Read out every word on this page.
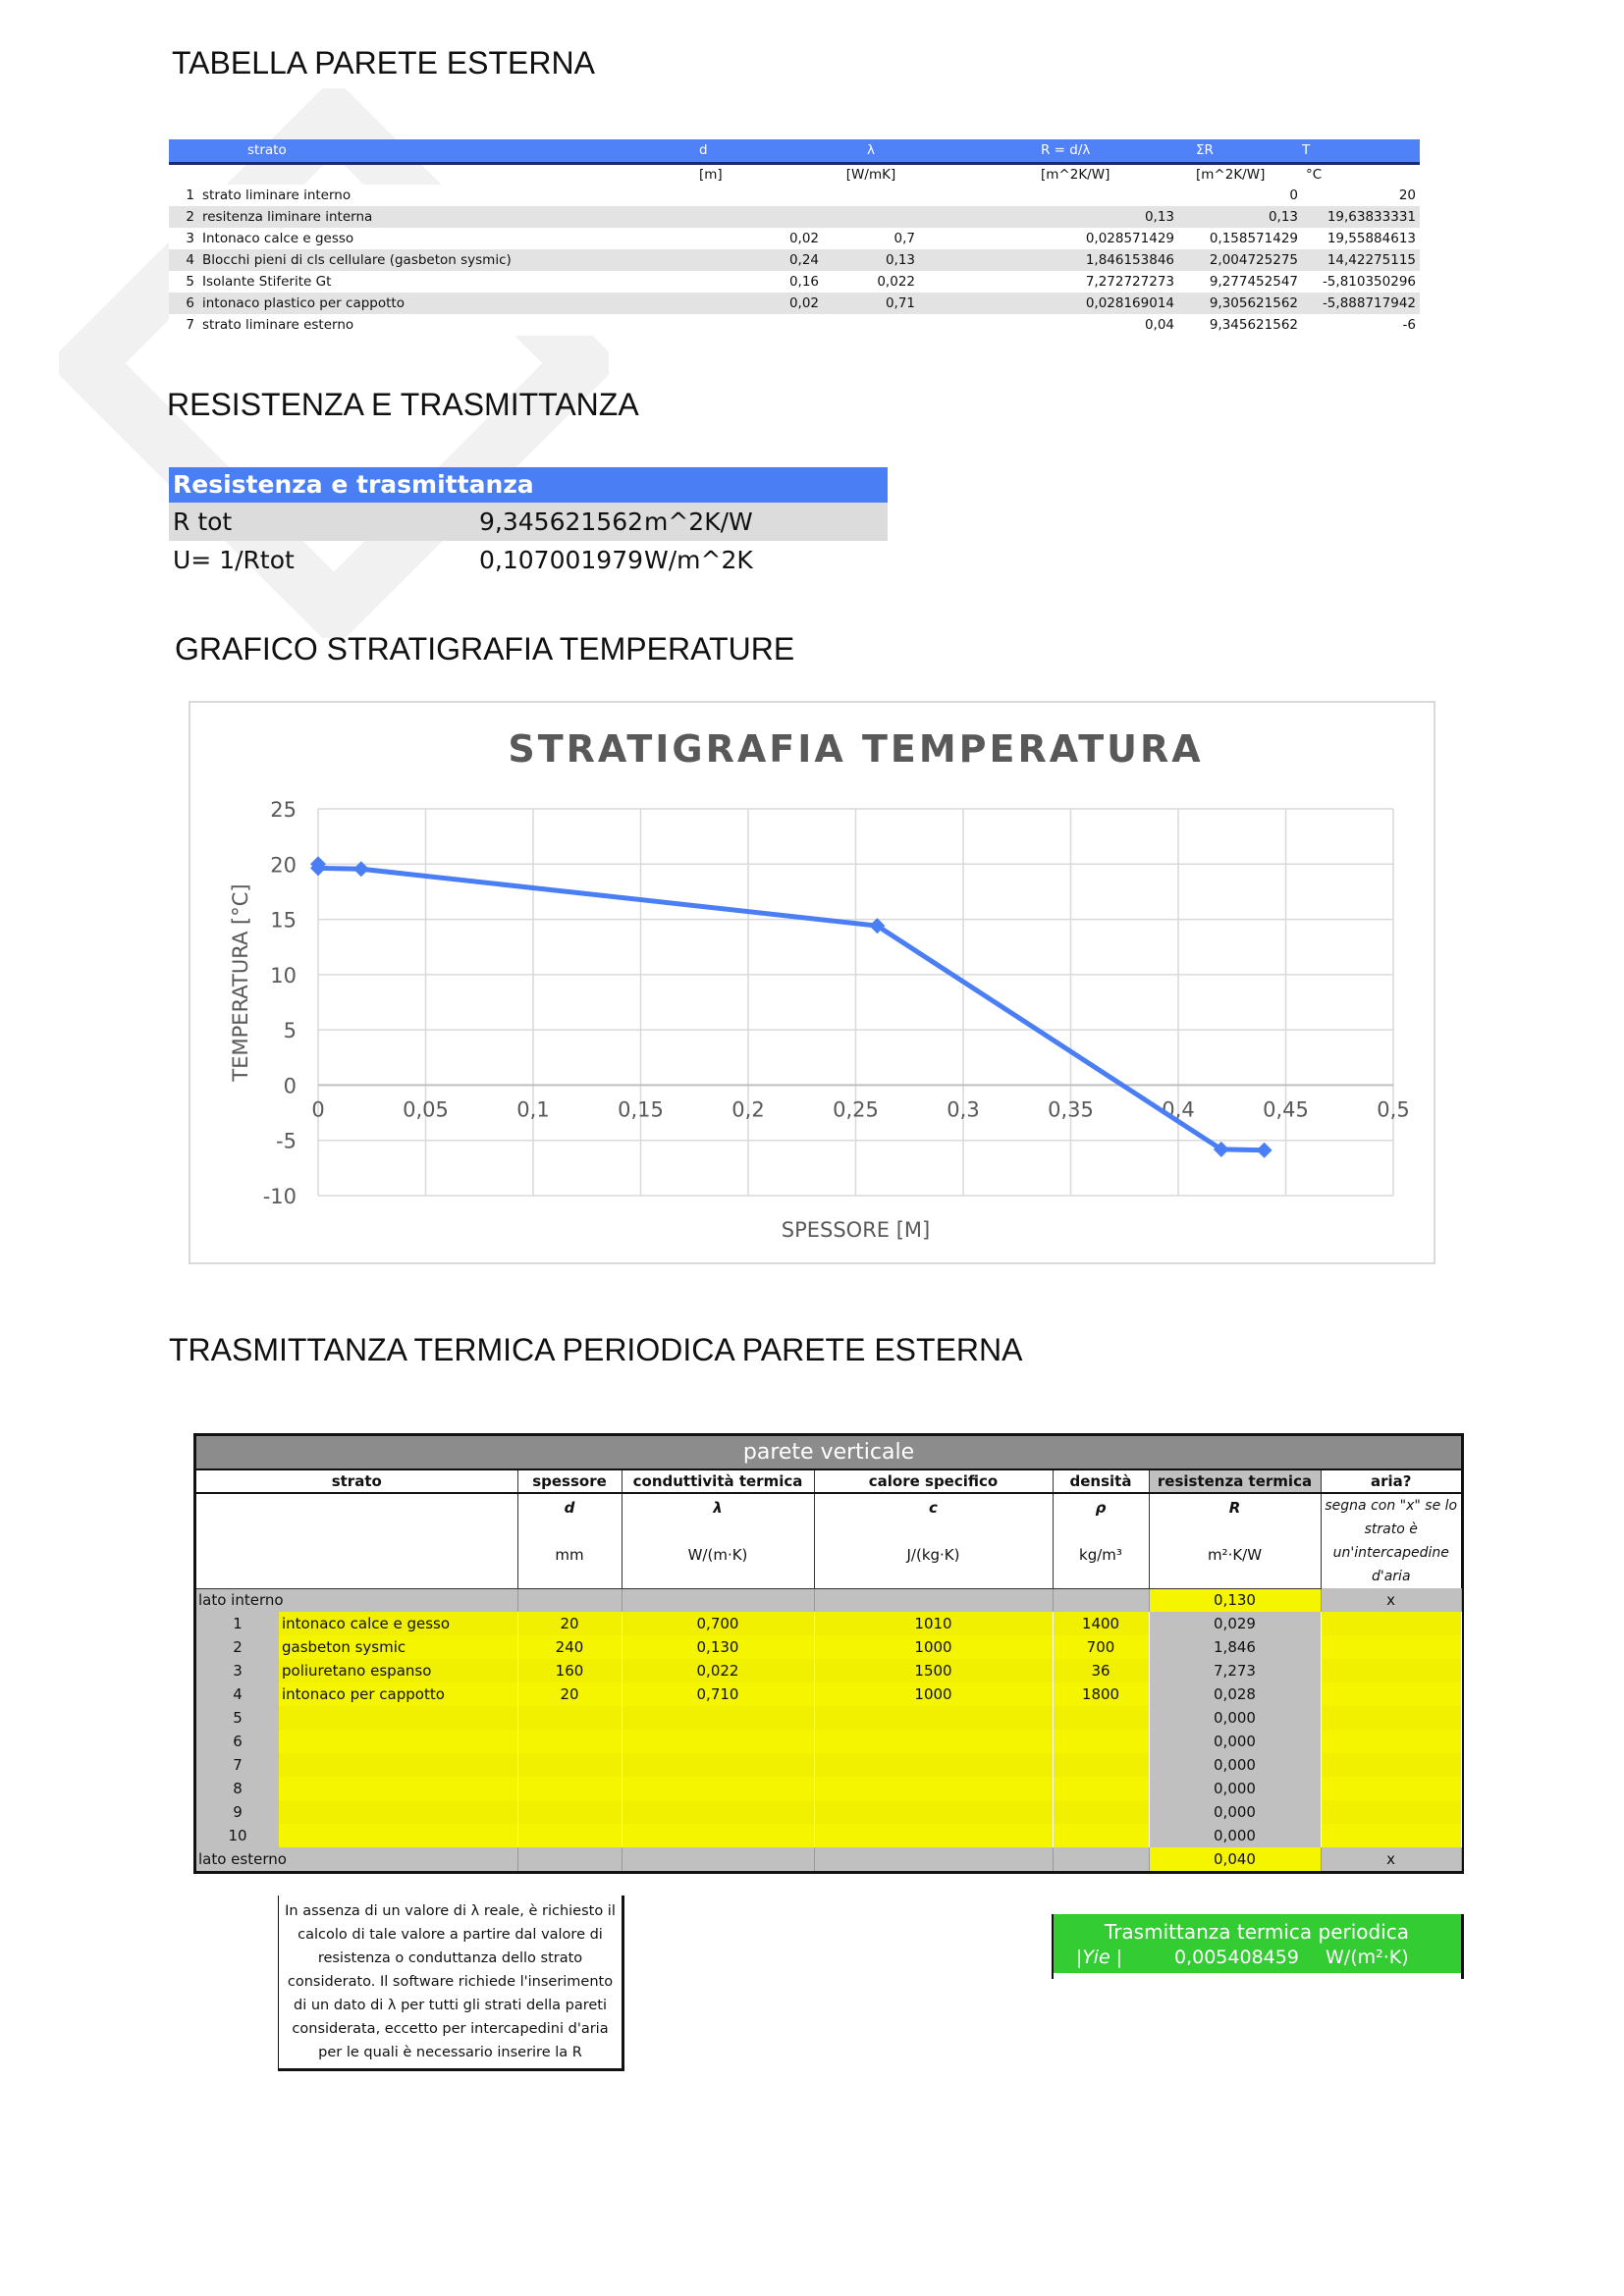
TABELLA PARETE ESTERNA
RESISTENZA E TRASMITTANZA
GRAFICO STRATIGRAFIA TEMPERATURE
TRASMITTANZA TERMICA PERIODICA PARETE ESTERNA
	strato	d	λ		R = d/λ	ΣR	T
		[m]	[W/mK]		[m^2K/W]	[m^2K/W]	°C
1	strato liminare interno					0	20
2	resitenza liminare interna				0,13	0,13	19,63833331
3	Intonaco calce e gesso	0,02	0,7		0,028571429	0,158571429	19,55884613
4	Blocchi pieni di cls cellulare (gasbeton sysmic)	0,24	0,13		1,846153846	2,004725275	14,42275115
5	Isolante Stiferite Gt	0,16	0,022		7,272727273	9,277452547	-5,810350296
6	intonaco plastico per cappotto	0,02	0,71		0,028169014	9,305621562	-5,888717942
7	strato liminare esterno				0,04	9,345621562	-6
Resistenza e trasmittanza
R tot	9,345621562 m^2K/W
U= 1/Rtot	0,107001979 W/m^2K
STRATIGRAFIA TEMPERATURA
25
20
15
10
5
0
-5
-10
0	0,05	0,1	0,15	0,2	0,25	0,3	0,35	0,4	0,45	0,5
SPESSORE [M]
TEMPERATURA [°C]
parete verticale							
strato		spessore	conduttività termica	calore specifico	densità	resistenza termica	aria?
		d	λ	c	ρ	R	segna con "x" se lo strato è un'intercapedine d'aria
		mm	W/(m·K)	J/(kg·K)	kg/m³	m²·K/W	
lato interno						0,130	x
1	intonaco calce e gesso	20	0,700	1010	1400	0,029	
2	gasbeton sysmic	240	0,130	1000	700	1,846	
3	poliuretano espanso	160	0,022	1500	36	7,273	
4	intonaco per cappotto	20	0,710	1000	1800	0,028	
5						0,000	
6						0,000	
7						0,000	
8						0,000	
9						0,000	
10						0,000	
lato esterno						0,040	x
In assenza di un valore di λ reale, è richiesto il calcolo di tale valore a partire dal valore di resistenza o conduttanza dello strato considerato. Il software richiede l'inserimento di un dato di λ per tutti gli strati della pareti considerata, eccetto per intercapedini d'aria per le quali è necessario inserire la R
Trasmittanza termica periodica
|Yie |	0,005408459 W/(m²·K)
